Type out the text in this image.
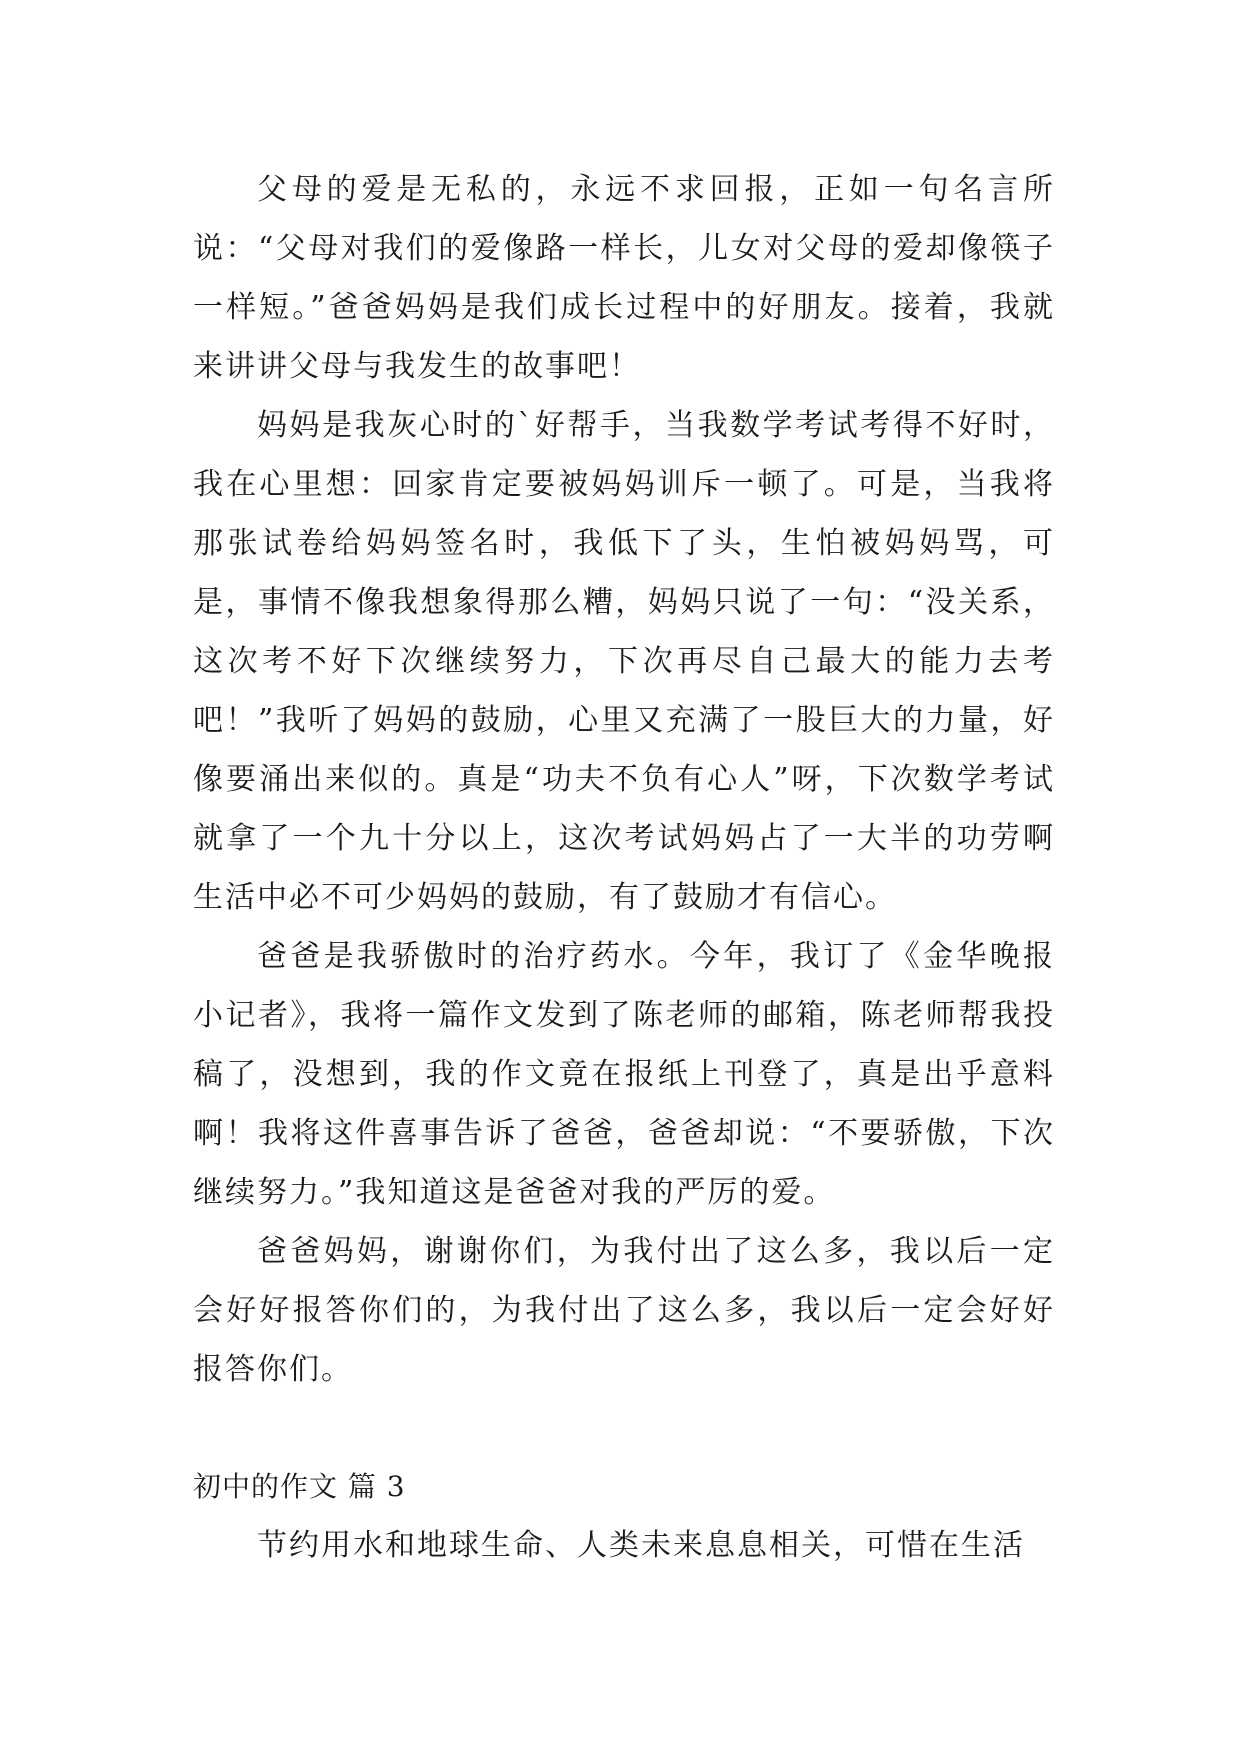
父母的爱是无私的，永远不求回报，正如一句名言所说：“父母对我们的爱像路一样长，儿女对父母的爱却像筷子一样短。”爸爸妈妈是我们成长过程中的好朋友。接着，我就来讲讲父母与我发生的故事吧！

妈妈是我灰心时的`好帮手，当我数学考试考得不好时，我在心里想：回家肯定要被妈妈训斥一顿了。可是，当我将那张试卷给妈妈签名时，我低下了头，生怕被妈妈骂，可是，事情不像我想象得那么糟，妈妈只说了一句：“没关系，这次考不好下次继续努力，下次再尽自己最大的能力去考吧！”我听了妈妈的鼓励，心里又充满了一股巨大的力量，好像要涌出来似的。真是“功夫不负有心人”呀，下次数学考试就拿了一个九十分以上，这次考试妈妈占了一大半的功劳啊生活中必不可少妈妈的鼓励，有了鼓励才有信心。

爸爸是我骄傲时的治疗药水。今年，我订了《金华晚报小记者》，我将一篇作文发到了陈老师的邮箱，陈老师帮我投稿了，没想到，我的作文竟在报纸上刊登了，真是出乎意料啊！我将这件喜事告诉了爸爸，爸爸却说：“不要骄傲，下次继续努力。”我知道这是爸爸对我的严厉的爱。

爸爸妈妈，谢谢你们，为我付出了这么多，我以后一定会好好报答你们的，为我付出了这么多，我以后一定会好好报答你们。

初中的作文 篇 3

节约用水和地球生命、人类未来息息相关，可惜在生活
